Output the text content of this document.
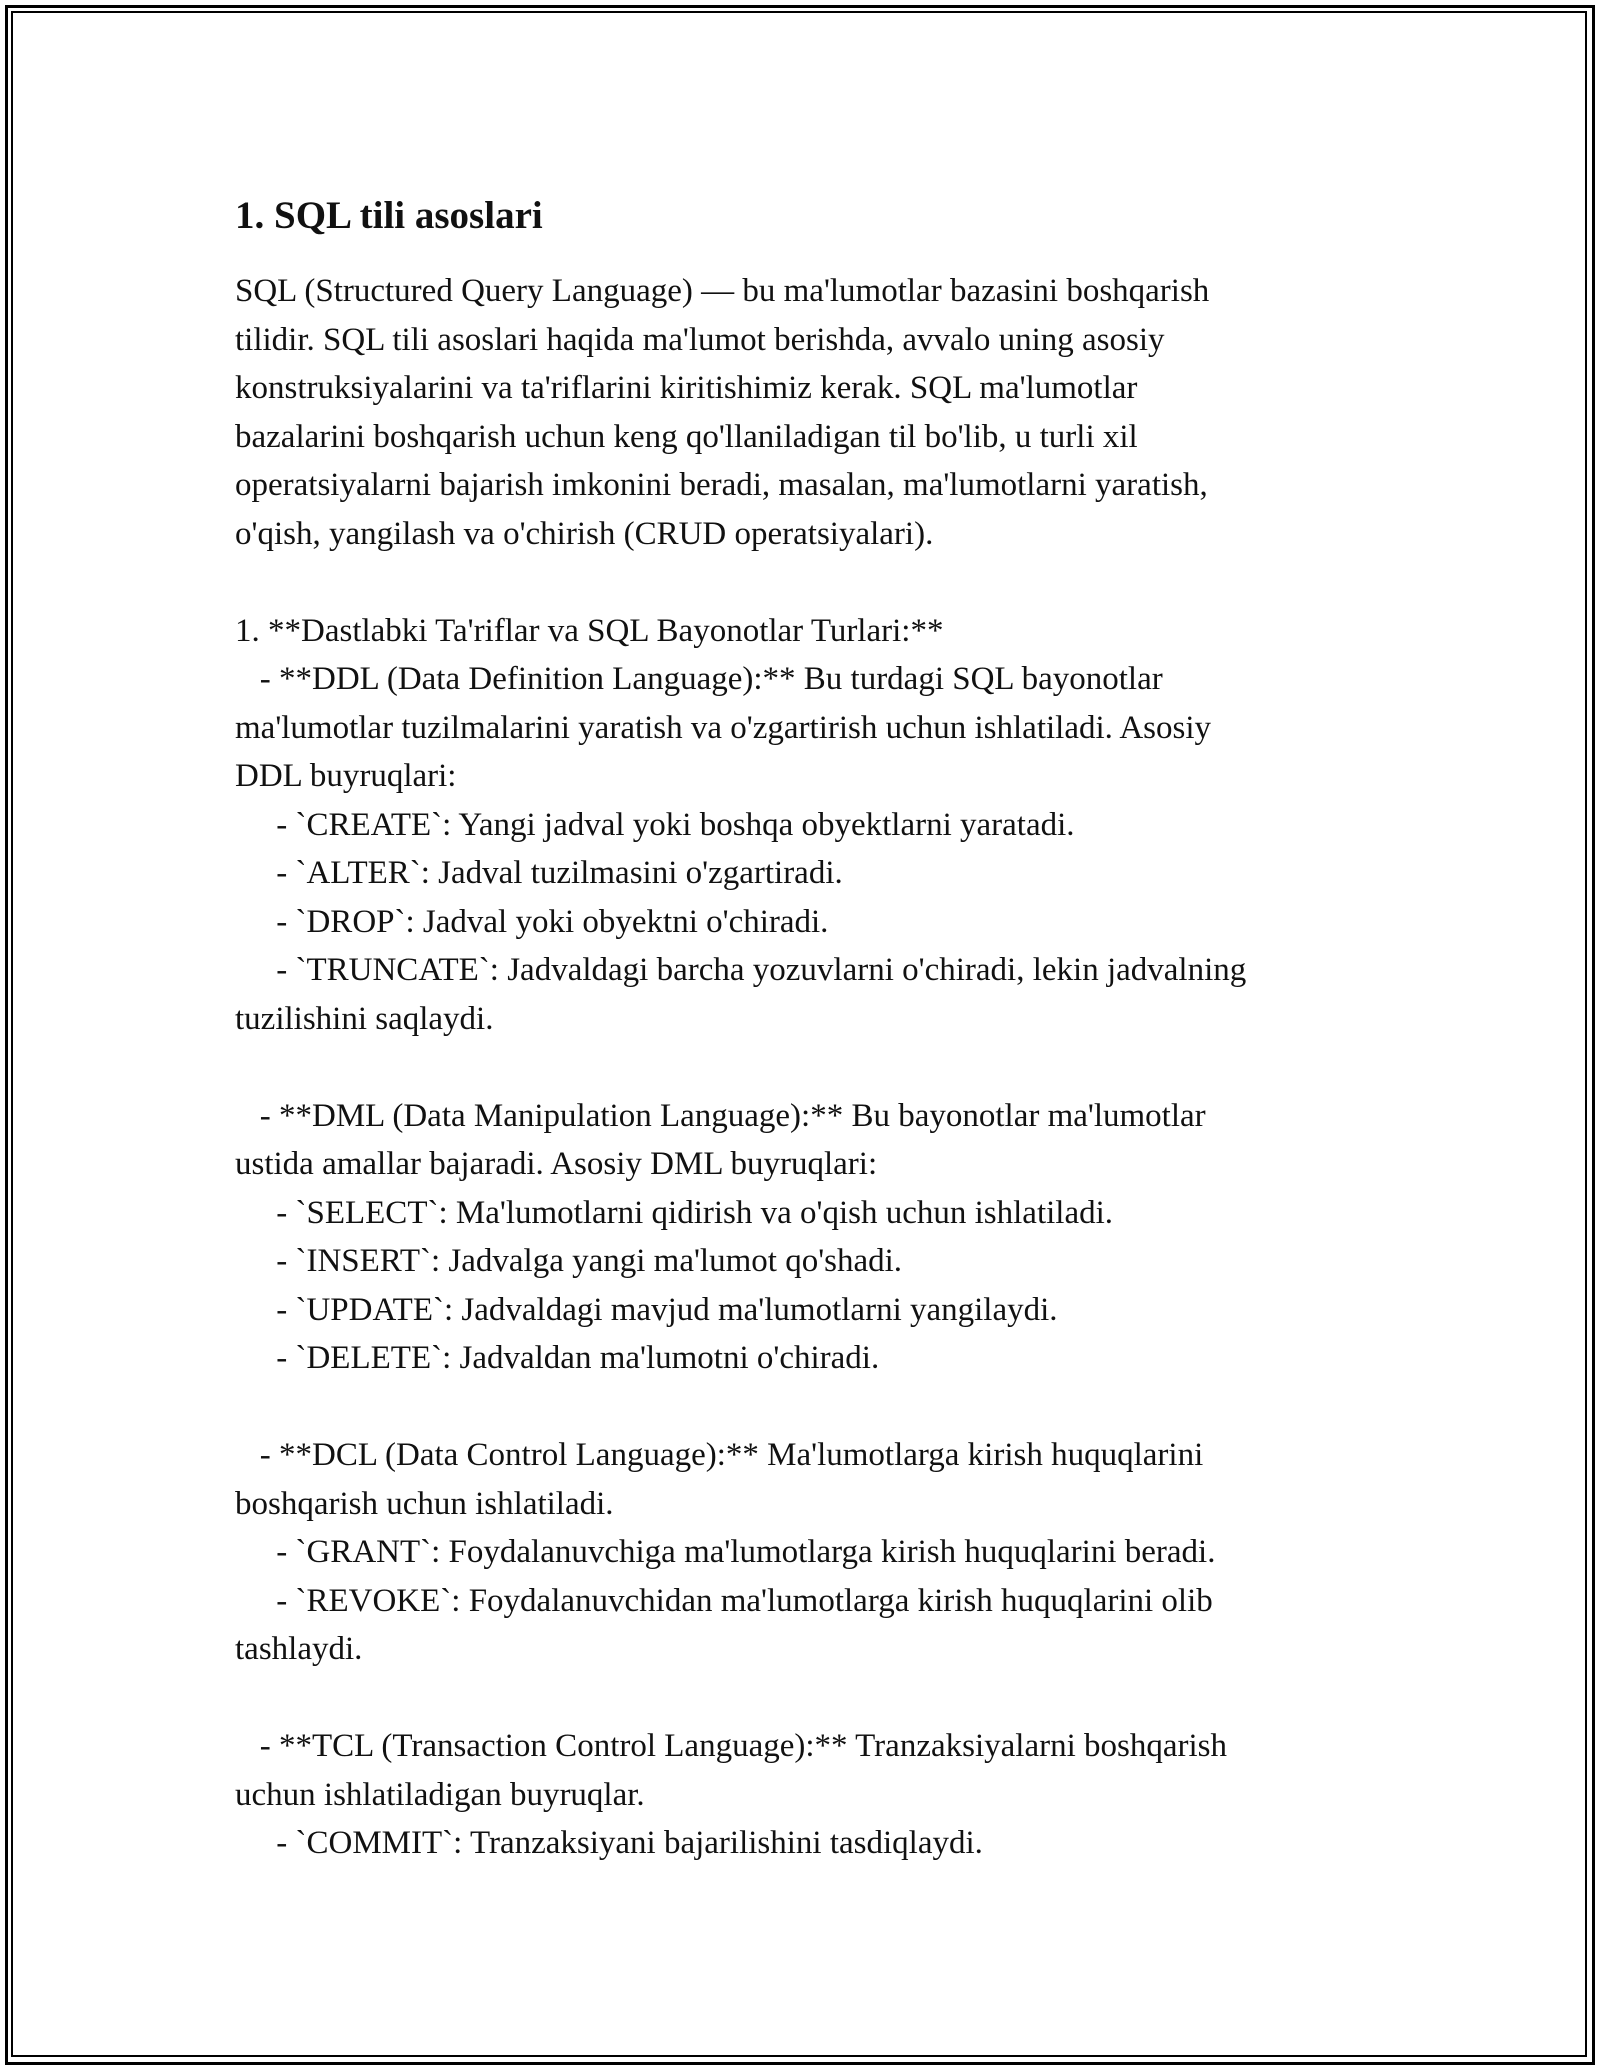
1. SQL tili asoslari
SQL (Structured Query Language) — bu ma'lumotlar bazasini boshqarish
tilidir. SQL tili asoslari haqida ma'lumot berishda, avvalo uning asosiy
konstruksiyalarini va ta'riflarini kiritishimiz kerak. SQL ma'lumotlar
bazalarini boshqarish uchun keng qo'llaniladigan til bo'lib, u turli xil
operatsiyalarni bajarish imkonini beradi, masalan, ma'lumotlarni yaratish,
o'qish, yangilash va o'chirish (CRUD operatsiyalari).
1. **Dastlabki Ta'riflar va SQL Bayonotlar Turlari:**
- **DDL (Data Definition Language):** Bu turdagi SQL bayonotlar
ma'lumotlar tuzilmalarini yaratish va o'zgartirish uchun ishlatiladi. Asosiy
DDL buyruqlari:
- `CREATE`: Yangi jadval yoki boshqa obyektlarni yaratadi.
- `ALTER`: Jadval tuzilmasini o'zgartiradi.
- `DROP`: Jadval yoki obyektni o'chiradi.
- `TRUNCATE`: Jadvaldagi barcha yozuvlarni o'chiradi, lekin jadvalning
tuzilishini saqlaydi.
- **DML (Data Manipulation Language):** Bu bayonotlar ma'lumotlar
ustida amallar bajaradi. Asosiy DML buyruqlari:
- `SELECT`: Ma'lumotlarni qidirish va o'qish uchun ishlatiladi.
- `INSERT`: Jadvalga yangi ma'lumot qo'shadi.
- `UPDATE`: Jadvaldagi mavjud ma'lumotlarni yangilaydi.
- `DELETE`: Jadvaldan ma'lumotni o'chiradi.
- **DCL (Data Control Language):** Ma'lumotlarga kirish huquqlarini
boshqarish uchun ishlatiladi.
- `GRANT`: Foydalanuvchiga ma'lumotlarga kirish huquqlarini beradi.
- `REVOKE`: Foydalanuvchidan ma'lumotlarga kirish huquqlarini olib
tashlaydi.
- **TCL (Transaction Control Language):** Tranzaksiyalarni boshqarish
uchun ishlatiladigan buyruqlar.
- `COMMIT`: Tranzaksiyani bajarilishini tasdiqlaydi.
